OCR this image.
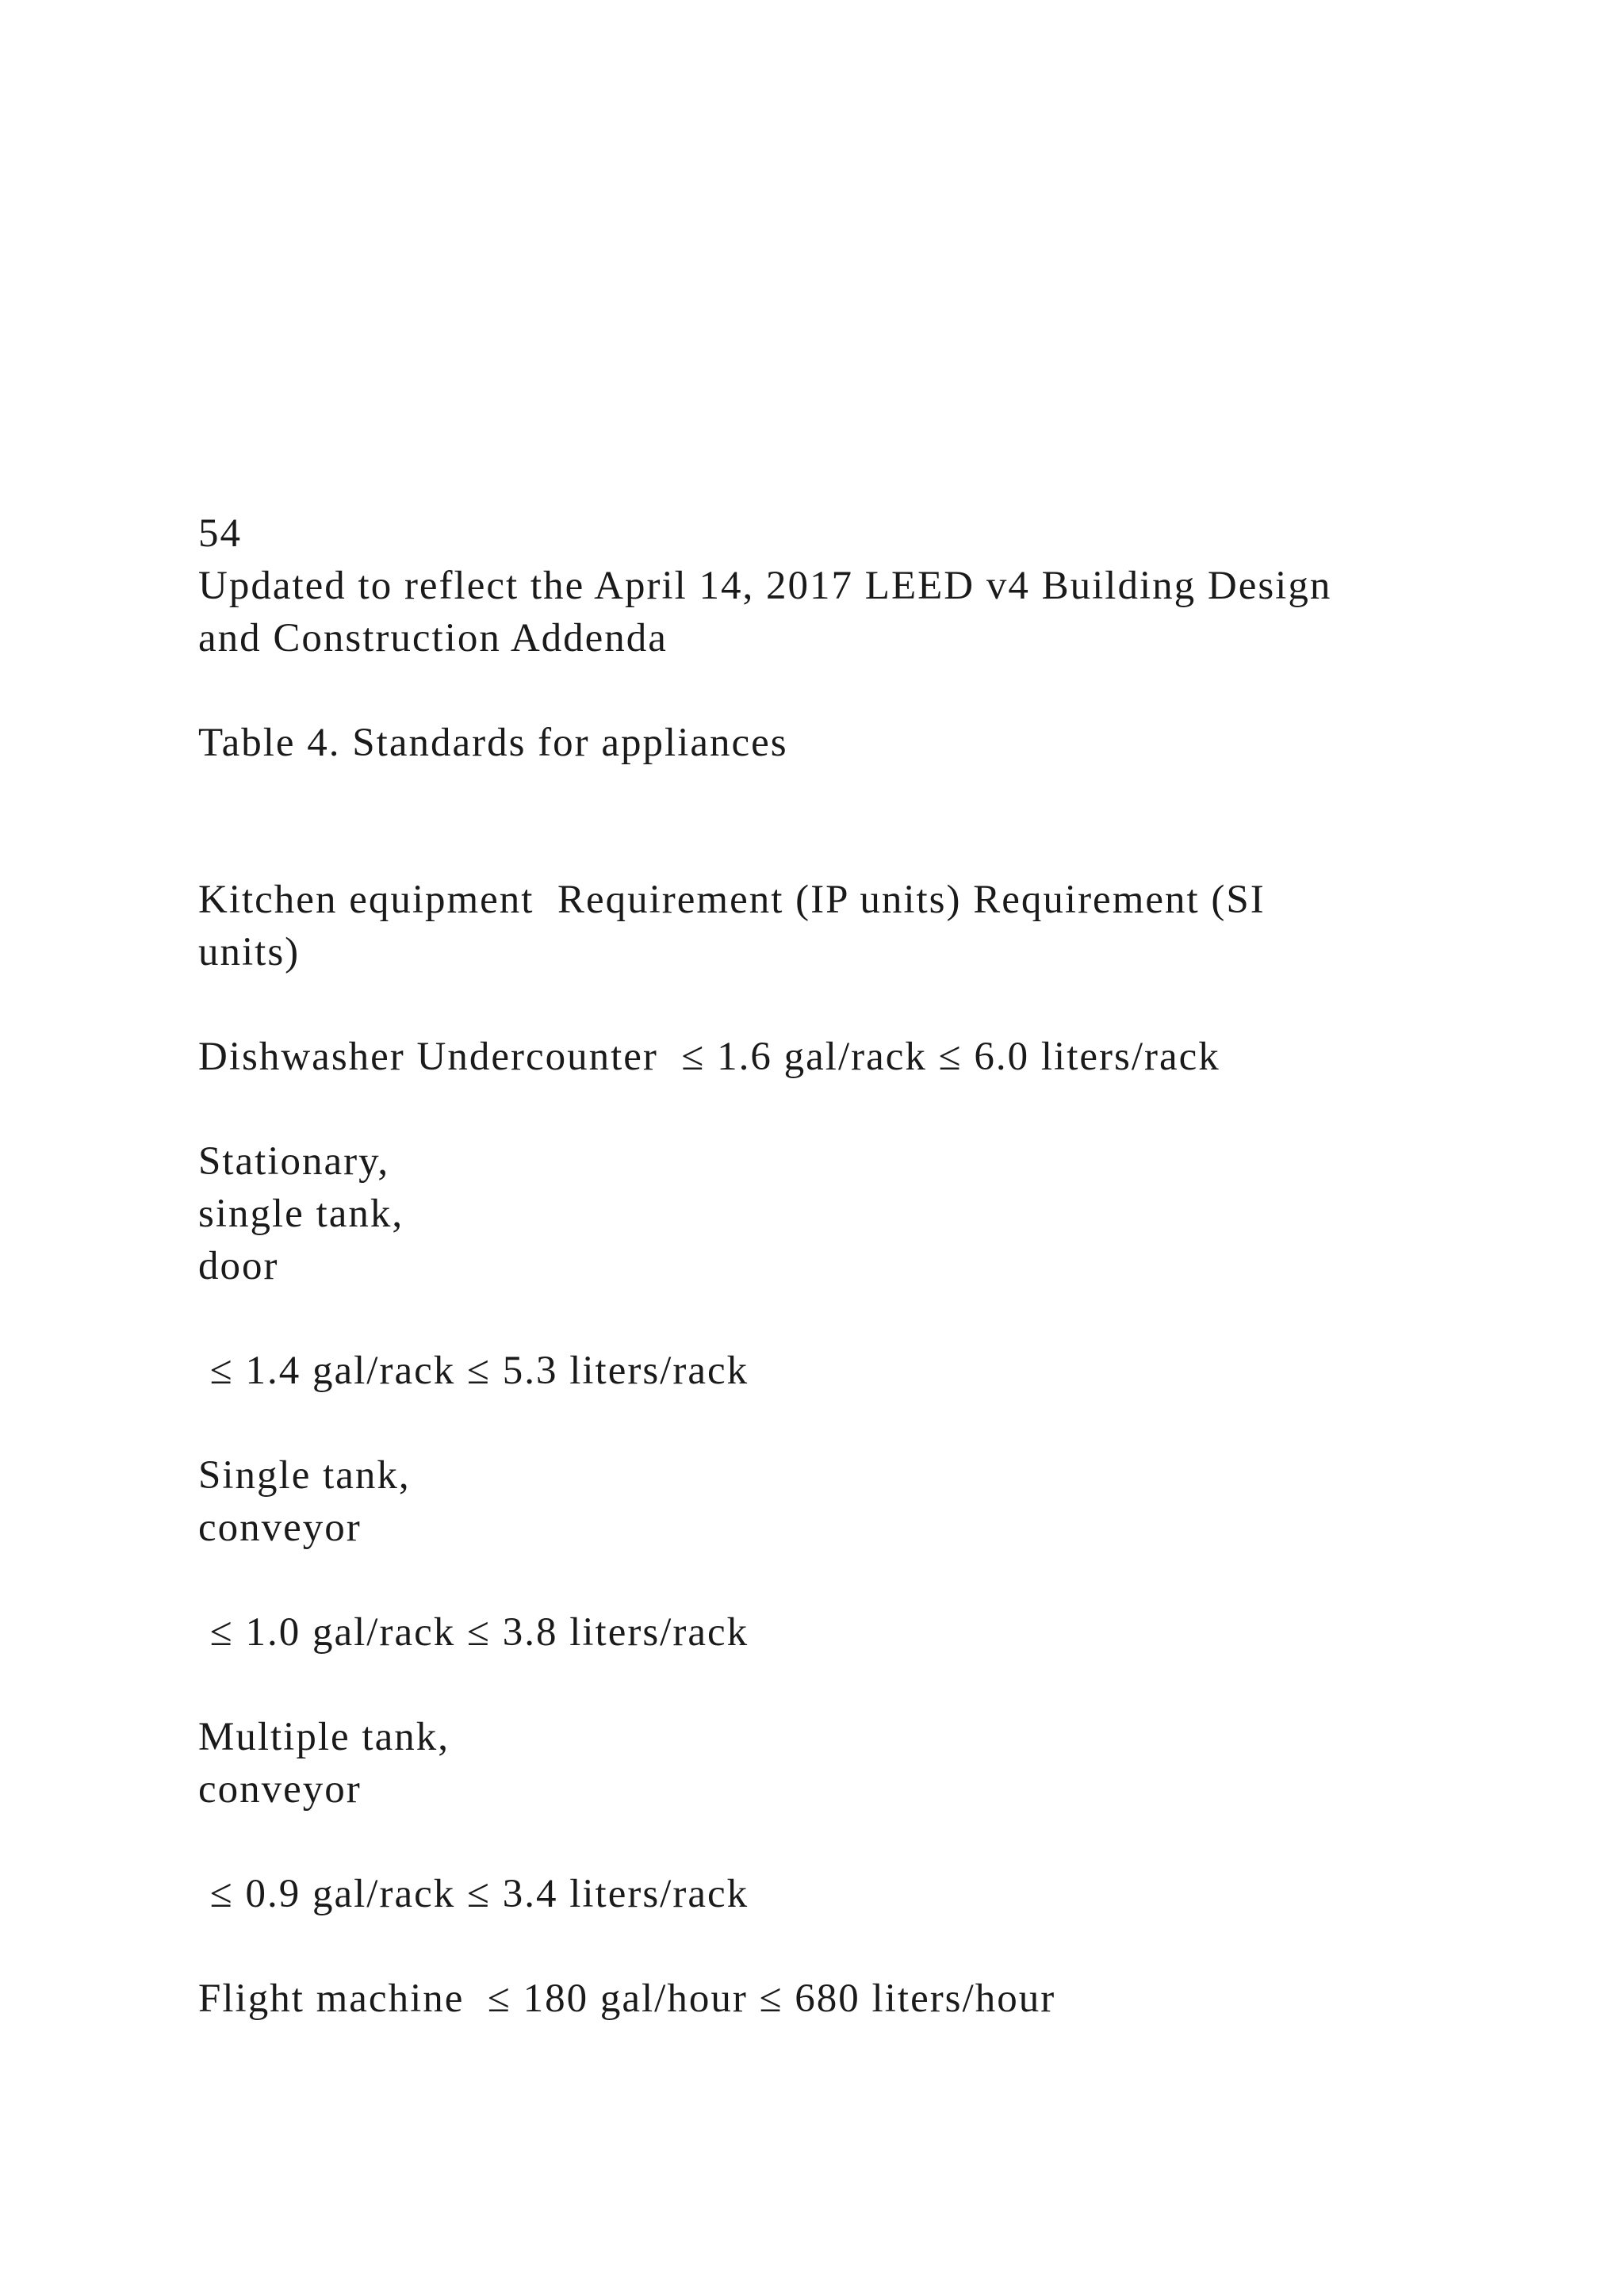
54
Updated to reflect the April 14, 2017 LEED v4 Building Design
and Construction Addenda
Table 4. Standards for appliances
Kitchen equipment  Requirement (IP units) Requirement (SI
units)
Dishwasher Undercounter  ≤ 1.6 gal/rack ≤ 6.0 liters/rack
Stationary,
single tank,
door
≤ 1.4 gal/rack ≤ 5.3 liters/rack
Single tank,
conveyor
≤ 1.0 gal/rack ≤ 3.8 liters/rack
Multiple tank,
conveyor
≤ 0.9 gal/rack ≤ 3.4 liters/rack
Flight machine  ≤ 180 gal/hour ≤ 680 liters/hour
